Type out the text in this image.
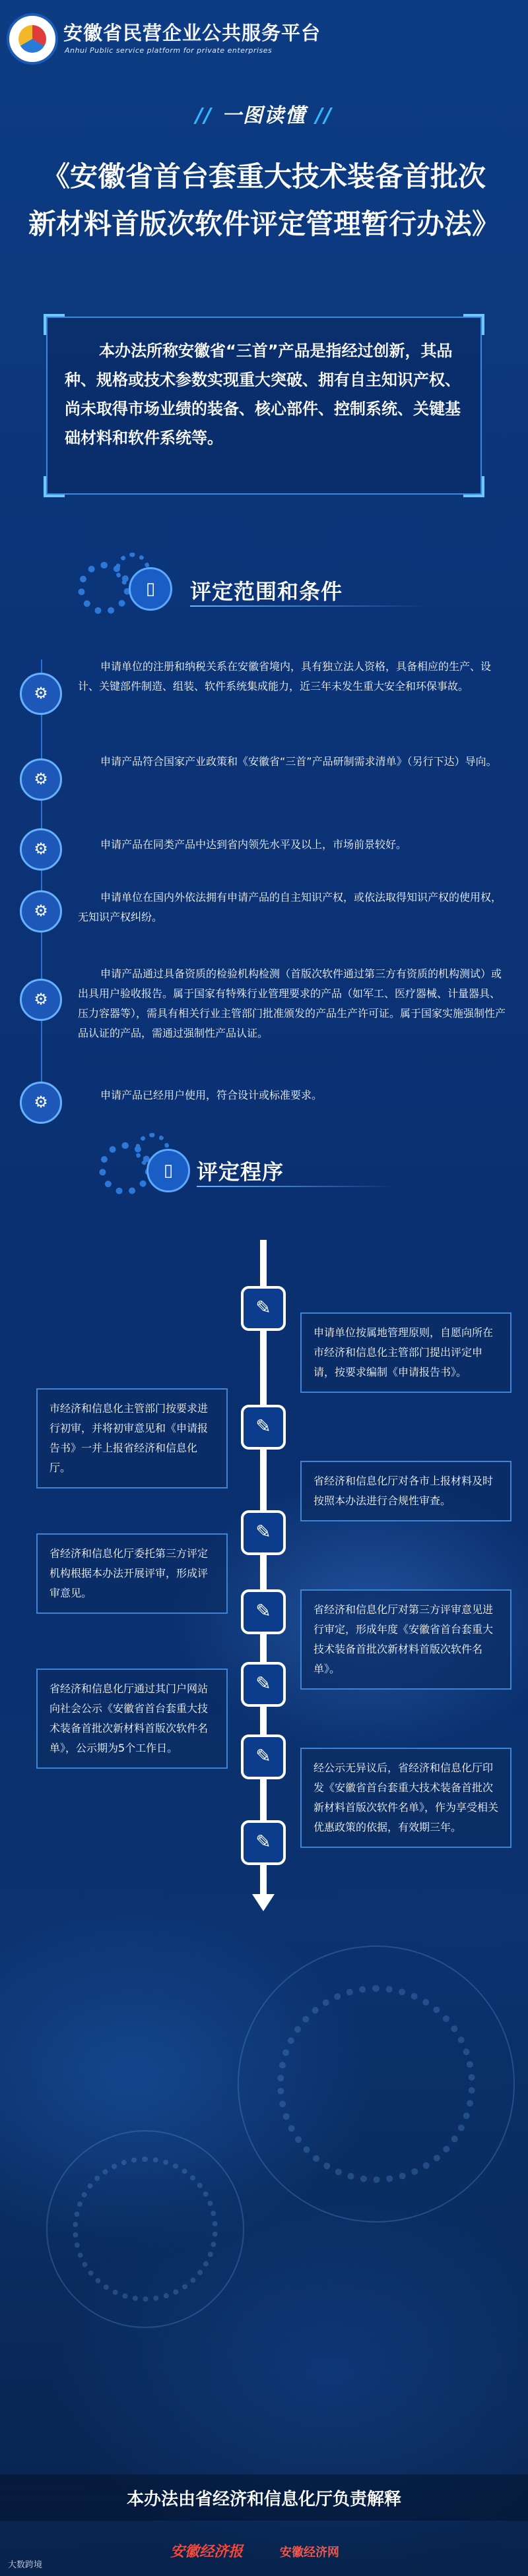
安徽省民营企业公共服务平台
Anhui Public service platform for private enterprises
// 一图读懂 //
《安徽省首台套重大技术装备首批次
新材料首版次软件评定管理暂行办法》
本办法所称安徽省“三首”产品是指经过创新，其品种、规格或技术参数实现重大突破、拥有自主知识产权、尚未取得市场业绩的装备、核心部件、控制系统、关键基础材料和软件系统等。
▯	评定范围和条件
⚙
申请单位的注册和纳税关系在安徽省境内，具有独立法人资格，具备相应的生产、设计、关键部件制造、组装、软件系统集成能力，近三年未发生重大安全和环保事故。
⚙
申请产品符合国家产业政策和《安徽省“三首”产品研制需求清单》（另行下达）导向。
⚙	申请产品在同类产品中达到省内领先水平及以上，市场前景较好。
⚙
申请单位在国内外依法拥有申请产品的自主知识产权，或依法取得知识产权的使用权，无知识产权纠纷。
⚙
申请产品通过具备资质的检验机构检测（首版次软件通过第三方有资质的机构测试）或出具用户验收报告。属于国家有特殊行业管理要求的产品（如军工、医疗器械、计量器具、压力容器等），需具有相关行业主管部门批准颁发的产品生产许可证。属于国家实施强制性产品认证的产品，需通过强制性产品认证。
⚙	申请产品已经用户使用，符合设计或标准要求。
▯	评定程序
✎
✎
✎
✎
✎
✎
✎
申请单位按属地管理原则，自愿向所在市经济和信息化主管部门提出评定申请，按要求编制《申请报告书》。
省经济和信息化厅对各市上报材料及时按照本办法进行合规性审查。
省经济和信息化厅对第三方评审意见进行审定，形成年度《安徽省首台套重大技术装备首批次新材料首版次软件名单》。
经公示无异议后，省经济和信息化厅印发《安徽省首台套重大技术装备首批次新材料首版次软件名单》，作为享受相关优惠政策的依据，有效期三年。
市经济和信息化主管部门按要求进行初审，并将初审意见和《申请报告书》一并上报省经济和信息化厅。
省经济和信息化厅委托第三方评定机构根据本办法开展评审，形成评审意见。
省经济和信息化厅通过其门户网站向社会公示《安徽省首台套重大技术装备首批次新材料首版次软件名单》，公示期为5个工作日。
本办法由省经济和信息化厅负责解释
安徽经济报	安徽经济网
大数跨境
